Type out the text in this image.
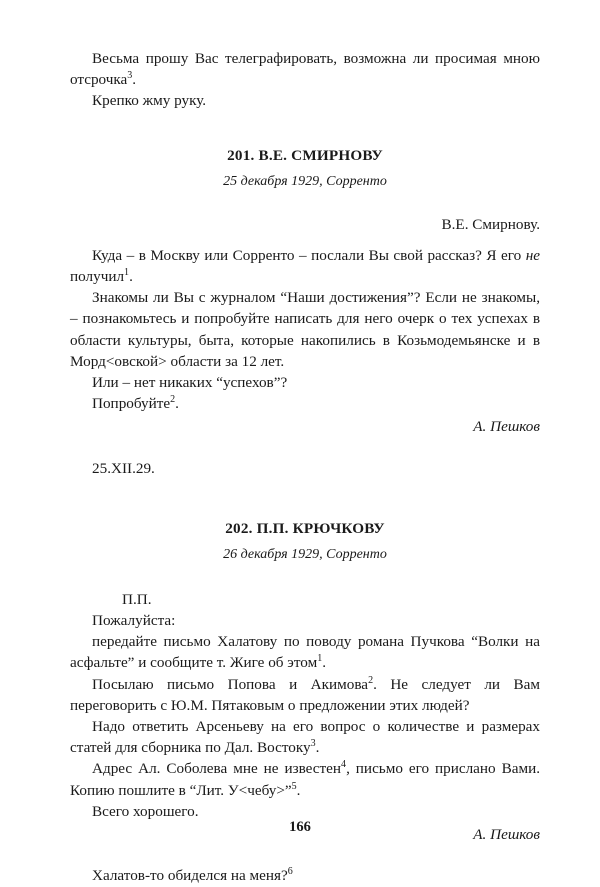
Весьма прошу Вас телеграфировать, возможна ли просимая мною отсрочка$^3$.

Крепко жму руку.

201. В.Е. СМИРНОВУ
25 декабря 1929, Сорренто
В.Е. Смирнову.

Куда – в Москву или Сорренто – послали Вы свой рассказ? Я его не получил$^1$.

Знакомы ли Вы с журналом “Наши достижения”? Если не знакомы, – познакомьтесь и попробуйте написать для него очерк о тех успехах в области культуры, быта, которые накопились в Козьмодемьянске и в Морд<овской> области за 12 лет.

Или – нет никаких “успехов”?

Попробуйте$^2$.

А. Пешков

25.XII.29.

202. П.П. КРЮЧКОВУ
26 декабря 1929, Сорренто
П.П.

Пожалуйста:

передайте письмо Халатову по поводу романа Пучкова “Волки на асфальте” и сообщите т. Жиге об этом$^1$.

Посылаю письмо Попова и Акимова$^2$. Не следует ли Вам переговорить с Ю.М. Пятаковым о предложении этих людей?

Надо ответить Арсеньеву на его вопрос о количестве и размерах статей для сборника по Дал. Востоку$^3$.

Адрес Ал. Соболева мне не известен$^4$, письмо его прислано Вами. Копию пошлите в “Лит. У<чебу>”$^5$.

Всего хорошего.

А. Пешков

Халатов-то обиделся на меня?$^6$

166
